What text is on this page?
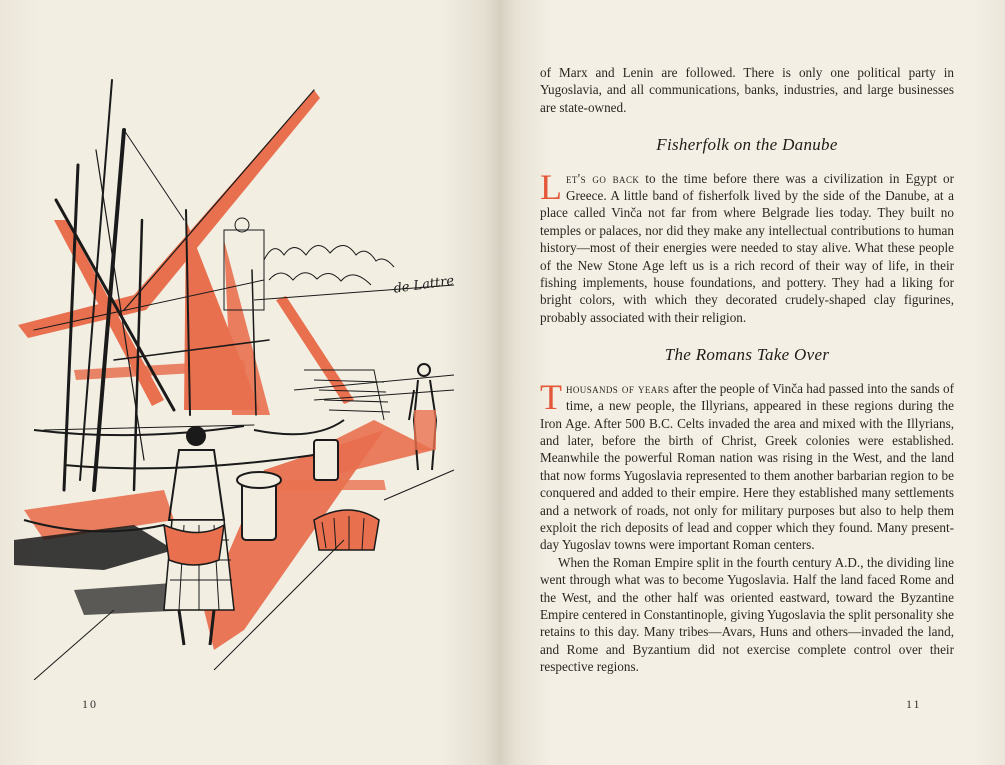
de Lattre
10

of Marx and Lenin are followed. There is only one political party in Yugoslavia, and all communications, banks, industries, and large businesses are state-owned.

Fisherfolk on the Danube

Let's go back to the time before there was a civilization in Egypt or Greece. A little band of fisherfolk lived by the side of the Danube, at a place called Vinča not far from where Belgrade lies today. They built no temples or palaces, nor did they make any intellectual contributions to human history—most of their energies were needed to stay alive. What these people of the New Stone Age left us is a rich record of their way of life, in their fishing implements, house foundations, and pottery. They had a liking for bright colors, with which they decorated crudely-shaped clay figurines, probably associated with their religion.

The Romans Take Over

Thousands of years after the people of Vinča had passed into the sands of time, a new people, the Illyrians, appeared in these regions during the Iron Age. After 500 B.C. Celts invaded the area and mixed with the Illyrians, and later, before the birth of Christ, Greek colonies were established. Meanwhile the powerful Roman nation was rising in the West, and the land that now forms Yugoslavia represented to them another barbarian region to be conquered and added to their empire. Here they established many settlements and a network of roads, not only for military purposes but also to help them exploit the rich deposits of lead and copper which they found. Many present-day Yugoslav towns were important Roman centers.

When the Roman Empire split in the fourth century A.D., the dividing line went through what was to become Yugoslavia. Half the land faced Rome and the West, and the other half was oriented eastward, toward the Byzantine Empire centered in Constantinople, giving Yugoslavia the split personality she retains to this day. Many tribes—Avars, Huns and others—invaded the land, and Rome and Byzantium did not exercise complete control over their respective regions.

11
